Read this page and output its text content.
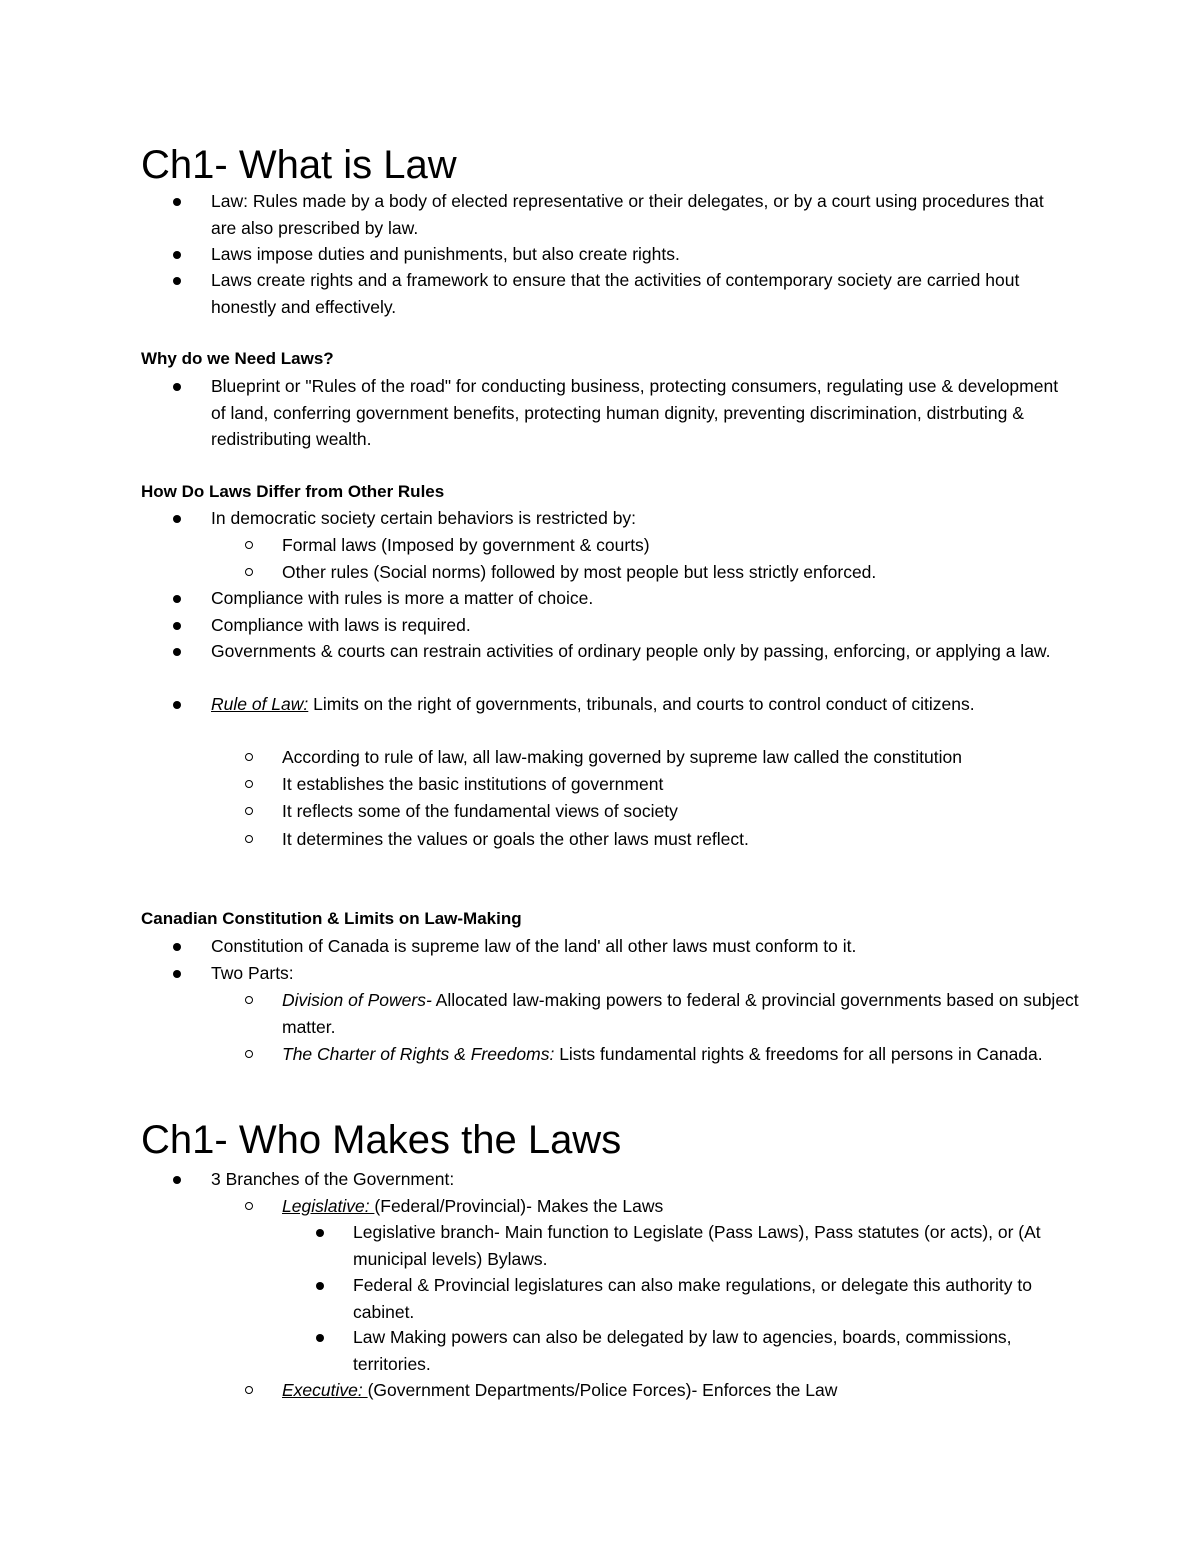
Ch1- What is Law
Law: Rules made by a body of elected representative or their delegates, or by a court using procedures that are also prescribed by law.
Laws impose duties and punishments, but also create rights.
Laws create rights and a framework to ensure that the activities of contemporary society are carried hout honestly and effectively.
Why do we Need Laws?
Blueprint or "Rules of the road" for conducting business, protecting consumers, regulating use & development of land, conferring government benefits, protecting human dignity, preventing discrimination, distrbuting & redistributing wealth.
How Do Laws Differ from Other Rules
In democratic society certain behaviors is restricted by:
Formal laws (Imposed by government & courts)
Other rules (Social norms) followed by most people but less strictly enforced.
Compliance with rules is more a matter of choice.
Compliance with laws is required.
Governments & courts can restrain activities of ordinary people only by passing, enforcing, or applying a law.
Rule of Law: Limits on the right of governments, tribunals, and courts to control conduct of citizens.
According to rule of law, all law-making governed by supreme law called the constitution
It establishes the basic institutions of government
It reflects some of the fundamental views of society
It determines the values or goals the other laws must reflect.
Canadian Constitution & Limits on Law-Making
Constitution of Canada is supreme law of the land' all other laws must conform to it.
Two Parts:
Division of Powers- Allocated law-making powers to federal & provincial governments based on subject matter.
The Charter of Rights & Freedoms: Lists fundamental rights & freedoms for all persons in Canada.
Ch1- Who Makes the Laws
3 Branches of the Government:
Legislative: (Federal/Provincial)- Makes the Laws
Legislative branch- Main function to Legislate (Pass Laws), Pass statutes (or acts), or (At municipal levels) Bylaws.
Federal & Provincial legislatures can also make regulations, or delegate this authority to cabinet.
Law Making powers can also be delegated by law to agencies, boards, commissions, territories.
Executive: (Government Departments/Police Forces)- Enforces the Law
